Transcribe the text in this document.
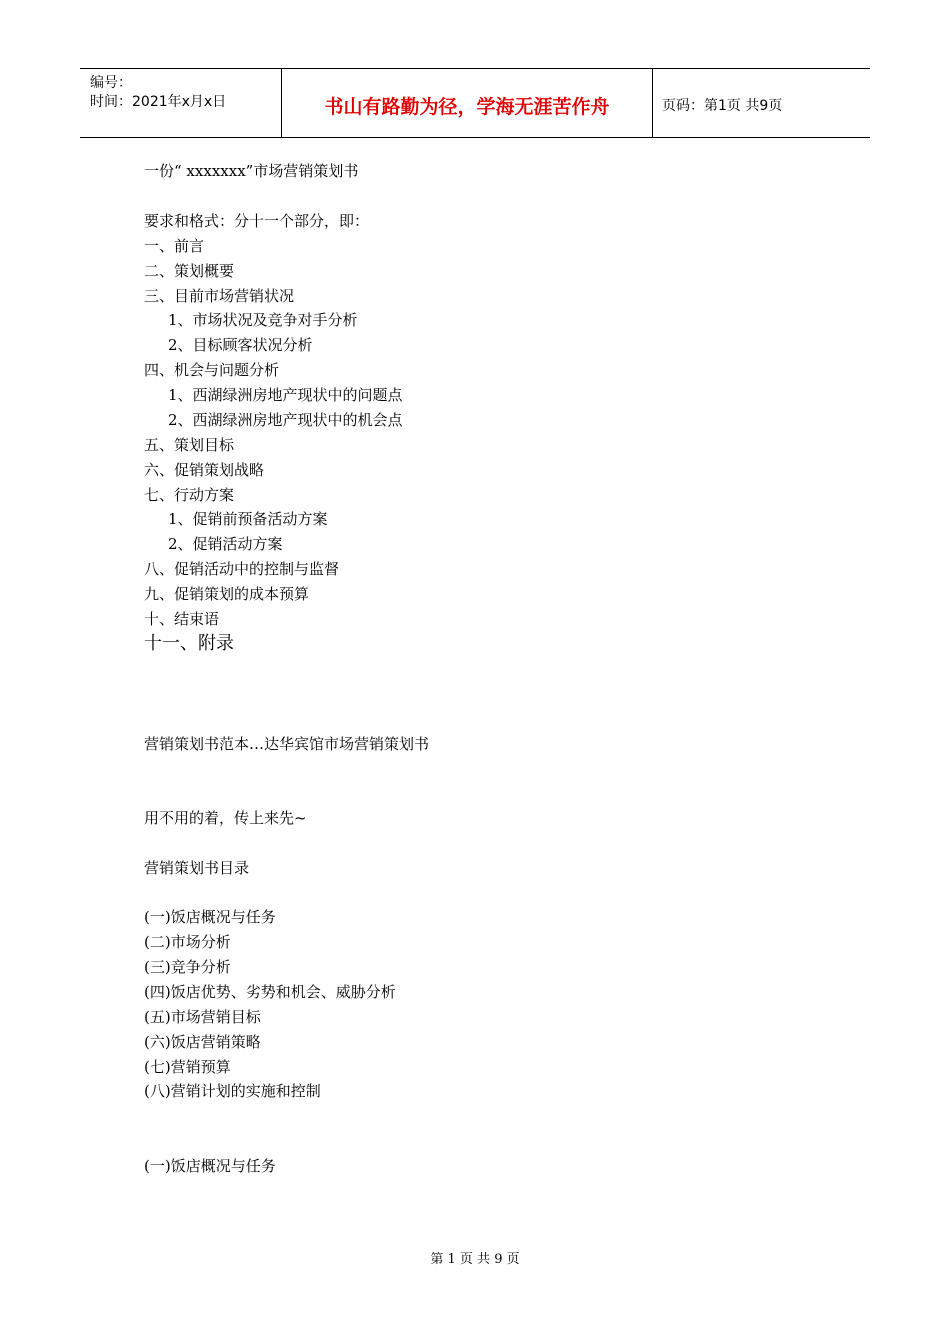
编号：
时间：2021年x月x日	书山有路勤为径，学海无涯苦作舟	页码：第1页 共9页
一份“ xxxxxxx”市场营销策划书
要求和格式：分十一个部分，即：
一、前言
二、策划概要
三、目前市场营销状况
1、市场状况及竞争对手分析
2、目标顾客状况分析
四、机会与问题分析
1、西湖绿洲房地产现状中的问题点
2、西湖绿洲房地产现状中的机会点
五、策划目标
六、促销策划战略
七、行动方案
1、促销前预备活动方案
2、促销活动方案
八、促销活动中的控制与监督
九、促销策划的成本预算
十、结束语
十一、附录
营销策划书范本…达华宾馆市场营销策划书
用不用的着，传上来先~
营销策划书目录
(一)饭店概况与任务
(二)市场分析
(三)竞争分析
(四)饭店优势、劣势和机会、威胁分析
(五)市场营销目标
(六)饭店营销策略
(七)营销预算
(八)营销计划的实施和控制
(一)饭店概况与任务
第 1 页 共 9 页
